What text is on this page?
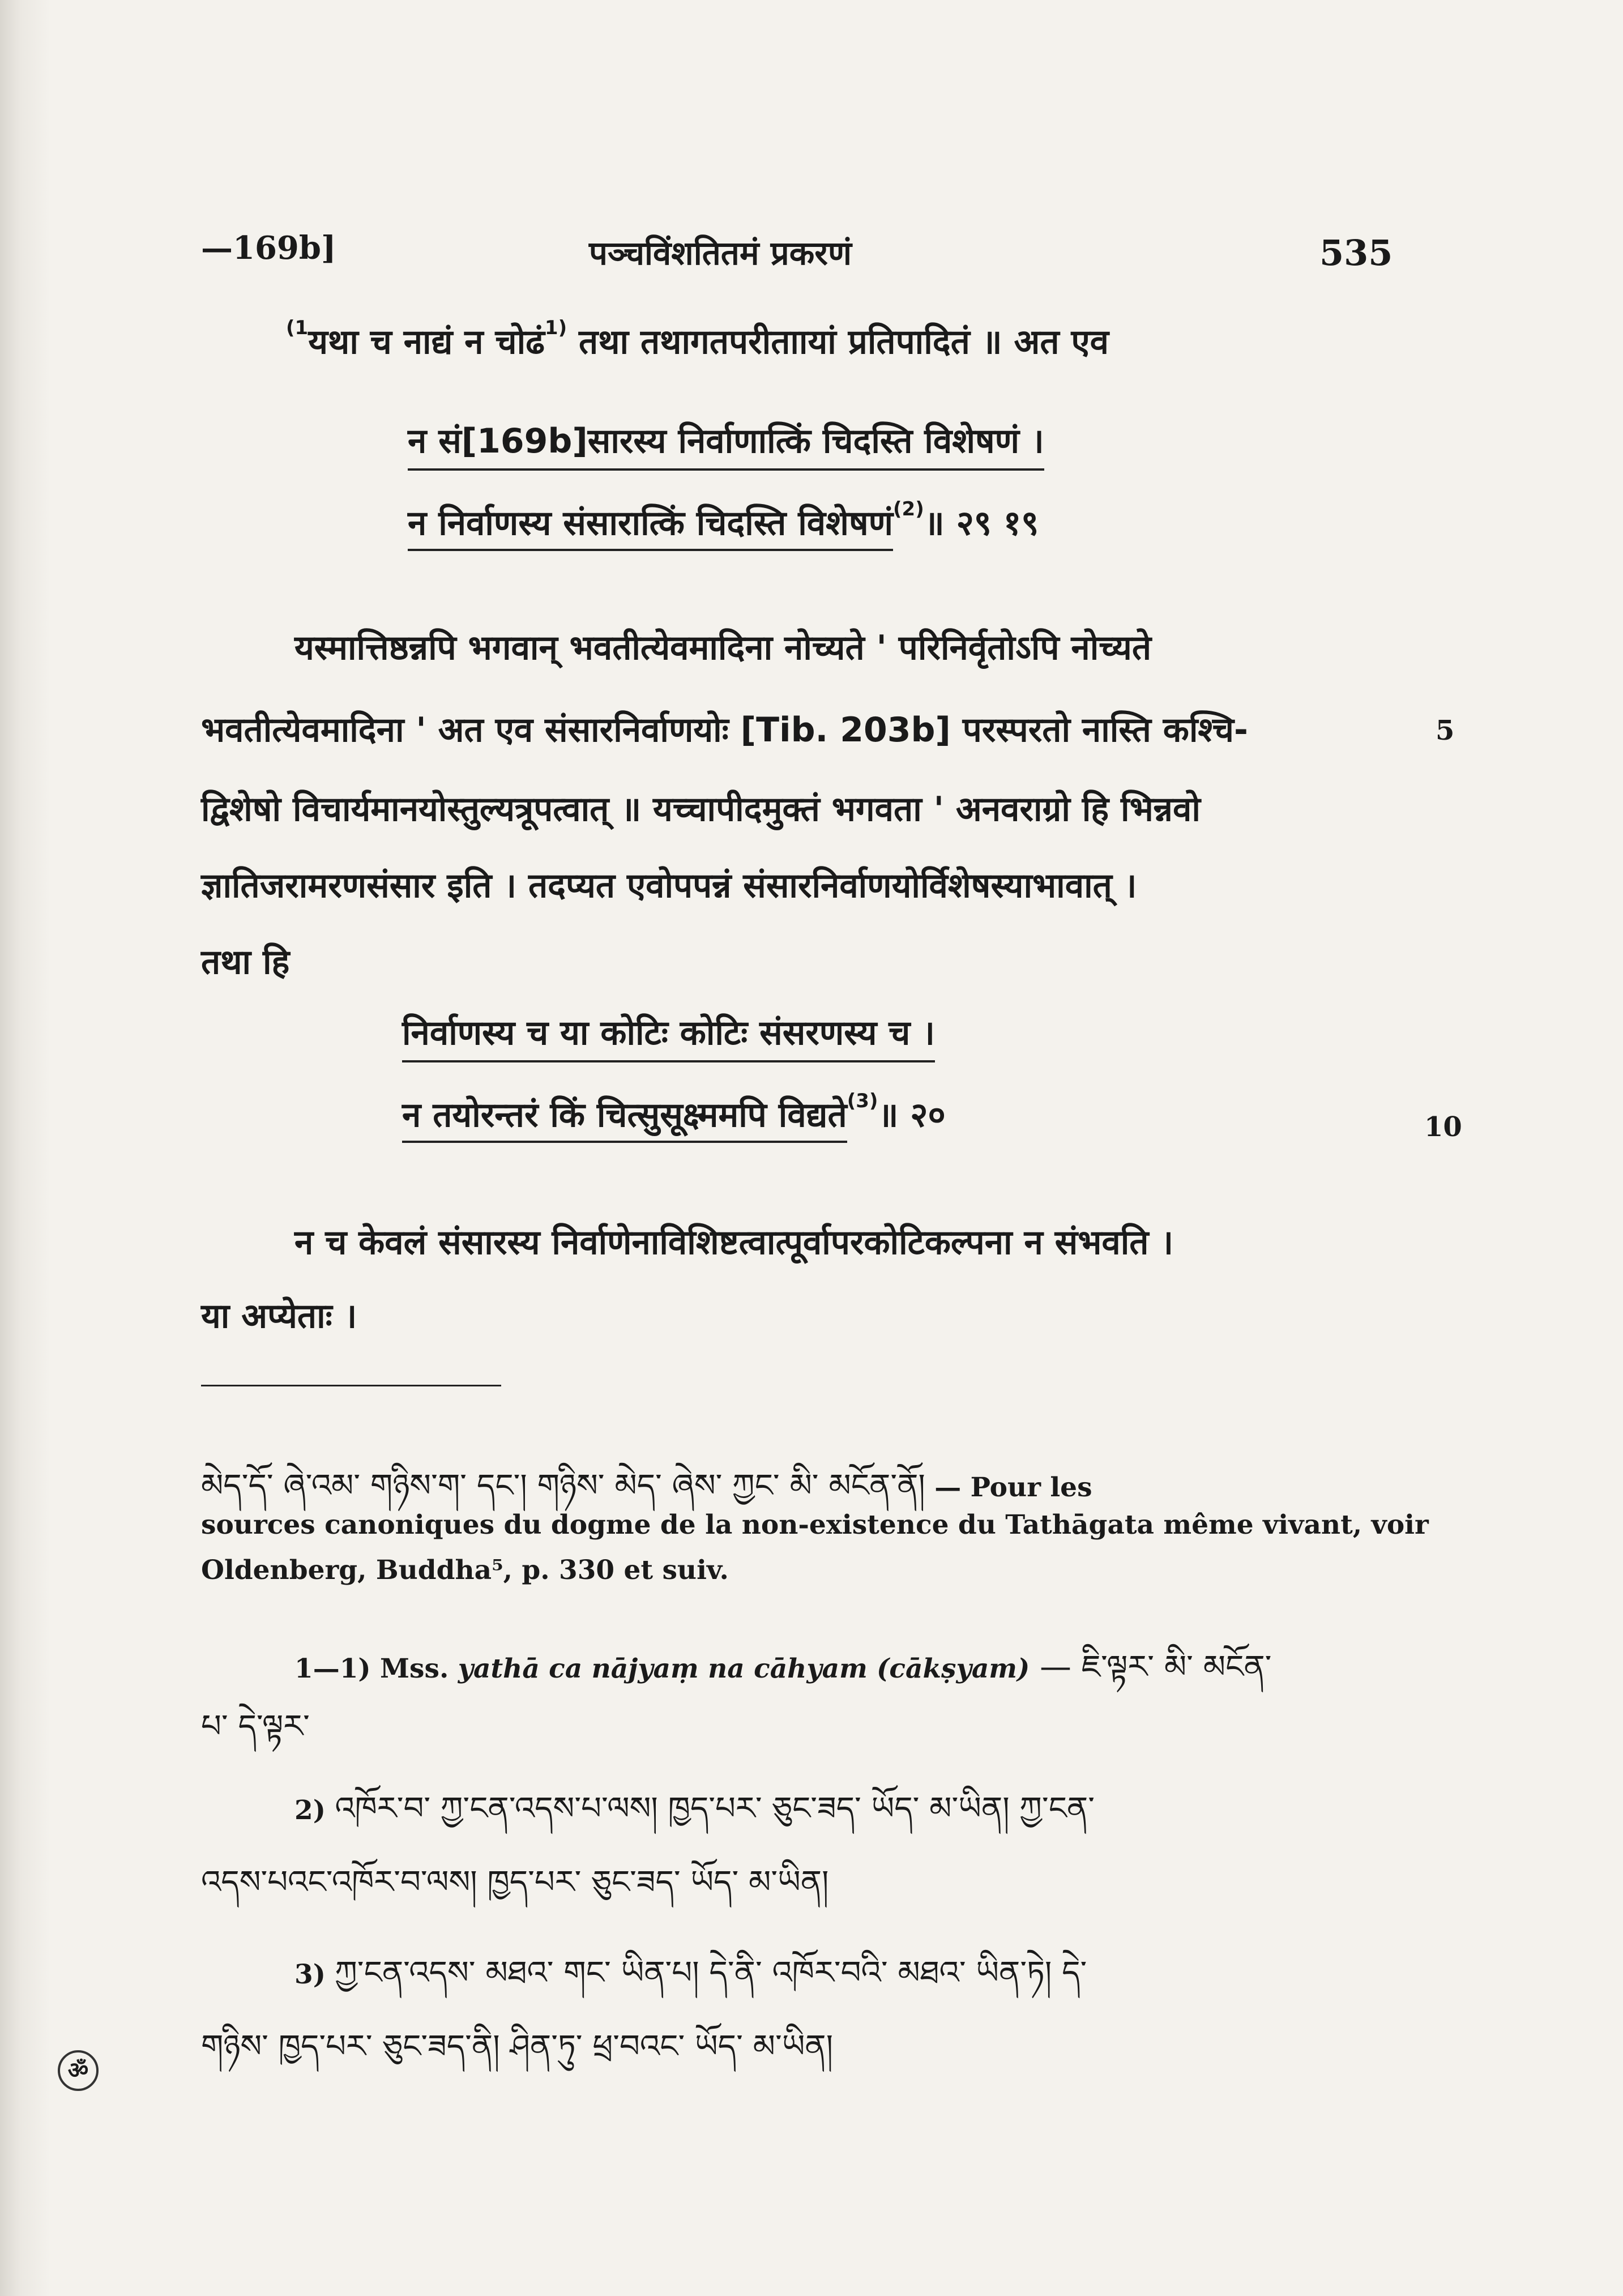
—169b]	पञ्चविंशतितमं प्रकरणं	535
$^{(1}$यथा च नाद्यं न चोढं$^{1)}$ तथा तथागतपरीताायां प्रतिपादितं ॥ अत एव
न सं[169b]सारस्य निर्वाणात्किं चिदस्ति विशेषणं ।
न निर्वाणस्य संसारात्किं चिदस्ति विशेषणं$^{(2)}$॥ २९ १९
यस्मात्तिष्ठन्नपि भगवान् भवतीत्येवमादिना नोच्यते ' परिनिर्वृतोऽपि नोच्यते
भवतीत्येवमादिना ' अत एव संसारनिर्वाणयोः [Tib. 203b] परस्परतो नास्ति कश्चि-
द्विशेषो विचार्यमानयोस्तुल्यत्रूपत्वात् ॥ यच्चापीदमुक्तं भगवता ' अनवराग्रो हि भिन्नवो
ज्ञातिजरामरणसंसार इति । तदप्यत एवोपपन्नं संसारनिर्वाणयोर्विशेषस्याभावात् ।
तथा हि
5
निर्वाणस्य च या कोटिः कोटिः संसरणस्य च ।
न तयोरन्तरं किं चित्सुसूक्ष्ममपि विद्यते$^{(3)}$॥ २०	10
न च केवलं संसारस्य निर्वाणेनाविशिष्टत्वात्पूर्वापरकोटिकल्पना न संभवति ।
या अप्येताः ।
མེད་དོ་ ཞེ་འམ་ གཉིས་ག་ དང་། གཉིས་ མེད་ ཞེས་ ཀྱང་ མི་ མངོན་ནོ། — Pour les
sources canoniques du dogme de la non-existence du Tathāgata même vivant, voir
Oldenberg, Buddha⁵, p. 330 et suiv.
1—1) Mss. yathā ca nājyaṃ na cāhyam (cākṣyam) — ཇི་ལྟར་ མི་ མངོན་
པ་ དེ་ལྟར་
2) འཁོར་བ་ ཀྱ་ངན་འདས་པ་ལས། ཁྱད་པར་ ཅུང་ཟད་ ཡོད་ མ་ཡིན། ཀྱ་ངན་
འདས་པའང་འཁོར་བ་ལས། ཁྱད་པར་ ཅུང་ཟད་ ཡོད་ མ་ཡིན།
3) ཀྱ་ངན་འདས་ མཐའ་ གང་ ཡིན་པ། དེ་ནི་ འཁོར་བའི་ མཐའ་ ཡིན་ཏེ། དེ་
གཉིས་ ཁྱད་པར་ ཅུང་ཟད་ནི། ཤིན་ཏུ་ ཕྲ་བའང་ ཡོད་ མ་ཡིན།
ॐ
